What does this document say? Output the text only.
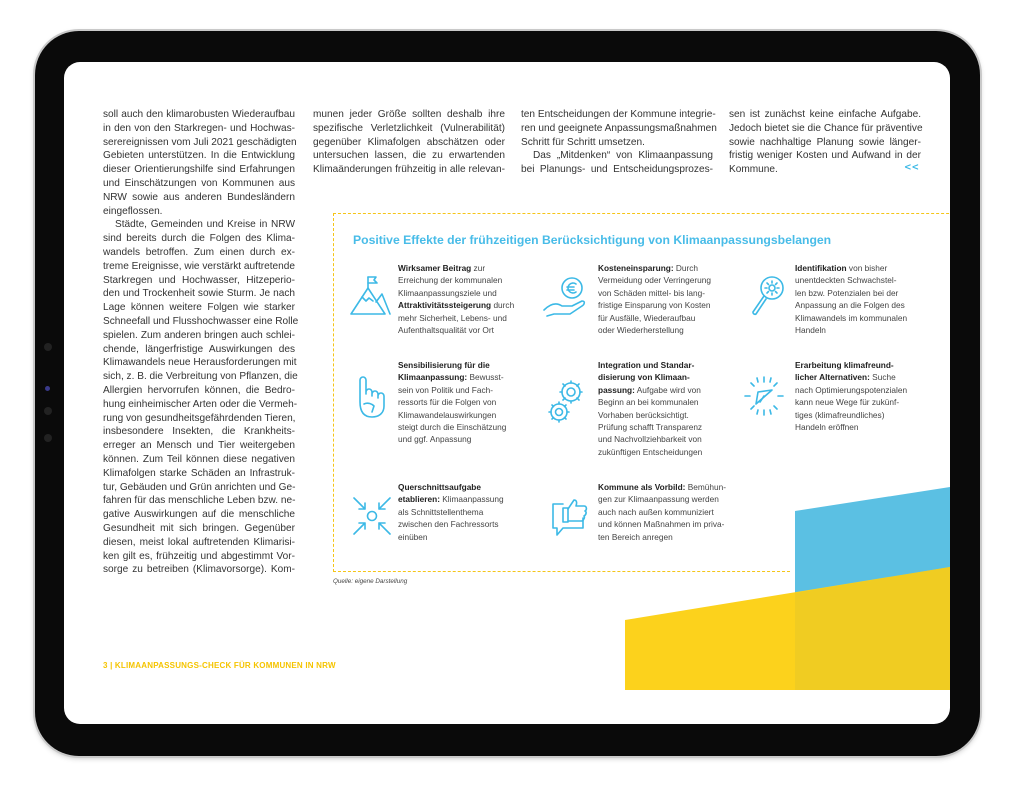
soll auch den klimarobusten Wiederaufbau
in den von den Starkregen- und Hochwas-
serereignissen vom Juli 2021 geschädigten
Gebieten unterstützen. In die Entwicklung
dieser Orientierungshilfe sind Erfahrungen
und Einschätzungen von Kommunen aus
NRW sowie aus anderen Bundesländern
eingeflossen.
Städte, Gemeinden und Kreise in NRW
sind bereits durch die Folgen des Klima-
wandels betroffen. Zum einen durch ex-
treme Ereignisse, wie verstärkt auftretende
Starkregen und Hochwasser, Hitzeperio-
den und Trockenheit sowie Sturm. Je nach
Lage können weitere Folgen wie starker
Schneefall und Flusshochwasser eine Rolle
spielen. Zum anderen bringen auch schlei-
chende, längerfristige Auswirkungen des
Klimawandels neue Herausforderungen mit
sich, z. B. die Verbreitung von Pflanzen, die
Allergien hervorrufen können, die Bedro-
hung einheimischer Arten oder die Vermeh-
rung von gesundheitsgefährdenden Tieren,
insbesondere Insekten, die Krankheits-
erreger an Mensch und Tier weitergeben
können. Zum Teil können diese negativen
Klimafolgen starke Schäden an Infrastruk-
tur, Gebäuden und Grün anrichten und Ge-
fahren für das menschliche Leben bzw. ne-
gative Auswirkungen auf die menschliche
Gesundheit mit sich bringen. Gegenüber
diesen, meist lokal auftretenden Klimarisi-
ken gilt es, frühzeitig und abgestimmt Vor-
sorge zu betreiben (Klimavorsorge). Kom-
munen jeder Größe sollten deshalb ihre
spezifische Verletzlichkeit (Vulnerabilität)
gegenüber Klimafolgen abschätzen oder
untersuchen lassen, die zu erwartenden
Klimaänderungen frühzeitig in alle relevan-
ten Entscheidungen der Kommune integrie-
ren und geeignete Anpassungsmaßnahmen
Schritt für Schritt umsetzen.
Das „Mitdenken“ von Klimaanpassung
bei Planungs- und Entscheidungsprozes-
sen ist zunächst keine einfache Aufgabe.
Jedoch bietet sie die Chance für präventive
sowie nachhaltige Planung sowie länger-
fristig weniger Kosten und Aufwand in der
Kommune.	<<
Positive Effekte der frühzeitigen Berücksichtigung von Klimaanpassungsbelangen
Wirksamer Beitrag zur
Erreichung der kommunalen
Klimaanpassungsziele und
Attraktivitätssteigerung durch
mehr Sicherheit, Lebens- und
Aufenthaltsqualität vor Ort
Kosteneinsparung: Durch
Vermeidung oder Verringerung
von Schäden mittel- bis lang-
fristige Einsparung von Kosten
für Ausfälle, Wiederaufbau
oder Wiederherstellung
Identifikation von bisher
unentdeckten Schwachstel-
len bzw. Potenzialen bei der
Anpassung an die Folgen des
Klimawandels im kommunalen
Handeln
Sensibilisierung für die
Klimaanpassung: Bewusst-
sein von Politik und Fach-
ressorts für die Folgen von
Klimawandelauswirkungen
steigt durch die Einschätzung
und ggf. Anpassung
Integration und Standar-
disierung von Klimaan-
passung: Aufgabe wird von
Beginn an bei kommunalen
Vorhaben berücksichtigt.
Prüfung schafft Transparenz
und Nachvollziehbarkeit von
zukünftigen Entscheidungen
Erarbeitung klimafreund-
licher Alternativen: Suche
nach Optimierungspotenzialen
kann neue Wege für zukünf-
tiges (klimafreundliches)
Handeln eröffnen
Querschnittsaufgabe
etablieren: Klimaanpassung
als Schnittstellenthema
zwischen den Fachressorts
einüben
Kommune als Vorbild: Bemühun-
gen zur Klimaanpassung werden
auch nach außen kommuniziert
und können Maßnahmen im priva-
ten Bereich anregen
Quelle: eigene Darstellung
3 | KLIMAANPASSUNGS-CHECK FÜR KOMMUNEN IN NRW
